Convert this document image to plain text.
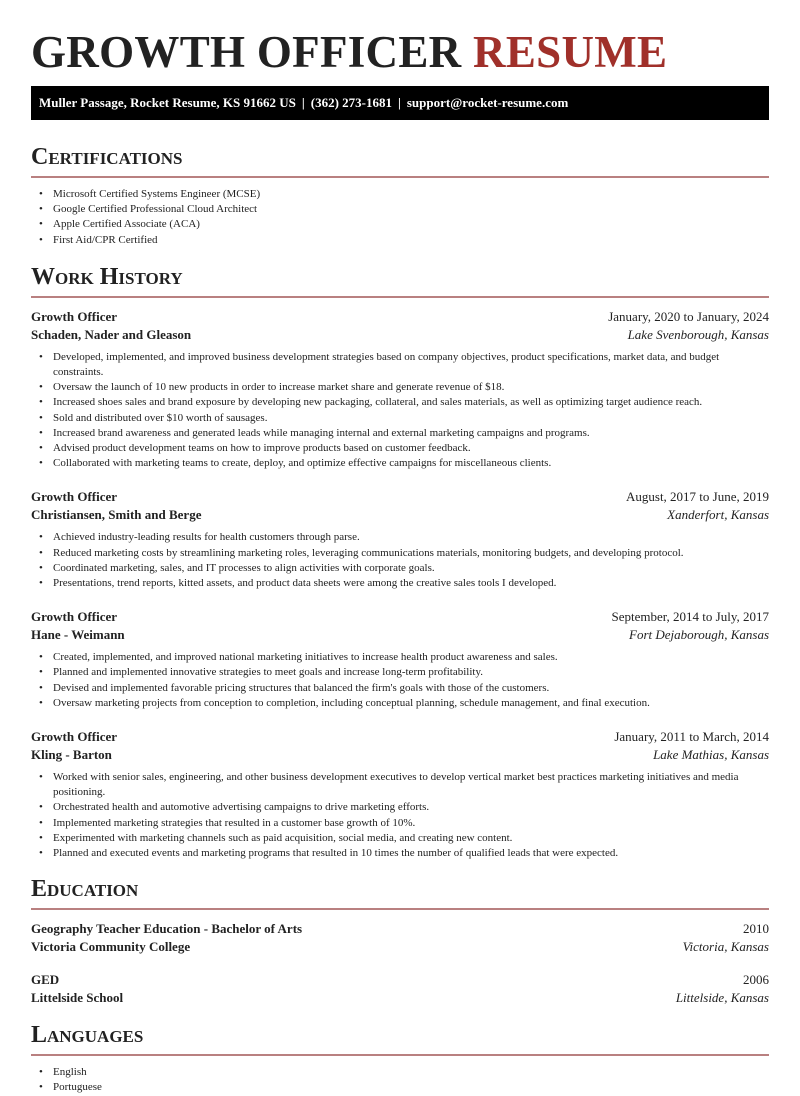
GROWTH OFFICER RESUME
Muller Passage, Rocket Resume, KS 91662 US | (362) 273-1681 | support@rocket-resume.com
Certifications
• Microsoft Certified Systems Engineer (MCSE)
• Google Certified Professional Cloud Architect
• Apple Certified Associate (ACA)
• First Aid/CPR Certified
Work History
Growth Officer	January, 2020 to January, 2024
Schaden, Nader and Gleason	Lake Svenborough, Kansas
• Developed, implemented, and improved business development strategies based on company objectives, product specifications, market data, and budget constraints.
• Oversaw the launch of 10 new products in order to increase market share and generate revenue of $18.
• Increased shoes sales and brand exposure by developing new packaging, collateral, and sales materials, as well as optimizing target audience reach.
• Sold and distributed over $10 worth of sausages.
• Increased brand awareness and generated leads while managing internal and external marketing campaigns and programs.
• Advised product development teams on how to improve products based on customer feedback.
• Collaborated with marketing teams to create, deploy, and optimize effective campaigns for miscellaneous clients.
Growth Officer	August, 2017 to June, 2019
Christiansen, Smith and Berge	Xanderfort, Kansas
• Achieved industry-leading results for health customers through parse.
• Reduced marketing costs by streamlining marketing roles, leveraging communications materials, monitoring budgets, and developing protocol.
• Coordinated marketing, sales, and IT processes to align activities with corporate goals.
• Presentations, trend reports, kitted assets, and product data sheets were among the creative sales tools I developed.
Growth Officer	September, 2014 to July, 2017
Hane - Weimann	Fort Dejaborough, Kansas
• Created, implemented, and improved national marketing initiatives to increase health product awareness and sales.
• Planned and implemented innovative strategies to meet goals and increase long-term profitability.
• Devised and implemented favorable pricing structures that balanced the firm's goals with those of the customers.
• Oversaw marketing projects from conception to completion, including conceptual planning, schedule management, and final execution.
Growth Officer	January, 2011 to March, 2014
Kling - Barton	Lake Mathias, Kansas
• Worked with senior sales, engineering, and other business development executives to develop vertical market best practices marketing initiatives and media positioning.
• Orchestrated health and automotive advertising campaigns to drive marketing efforts.
• Implemented marketing strategies that resulted in a customer base growth of 10%.
• Experimented with marketing channels such as paid acquisition, social media, and creating new content.
• Planned and executed events and marketing programs that resulted in 10 times the number of qualified leads that were expected.
Education
Geography Teacher Education - Bachelor of Arts	2010
Victoria Community College	Victoria, Kansas
GED	2006
Littelside School	Littelside, Kansas
Languages
• English
• Portuguese
